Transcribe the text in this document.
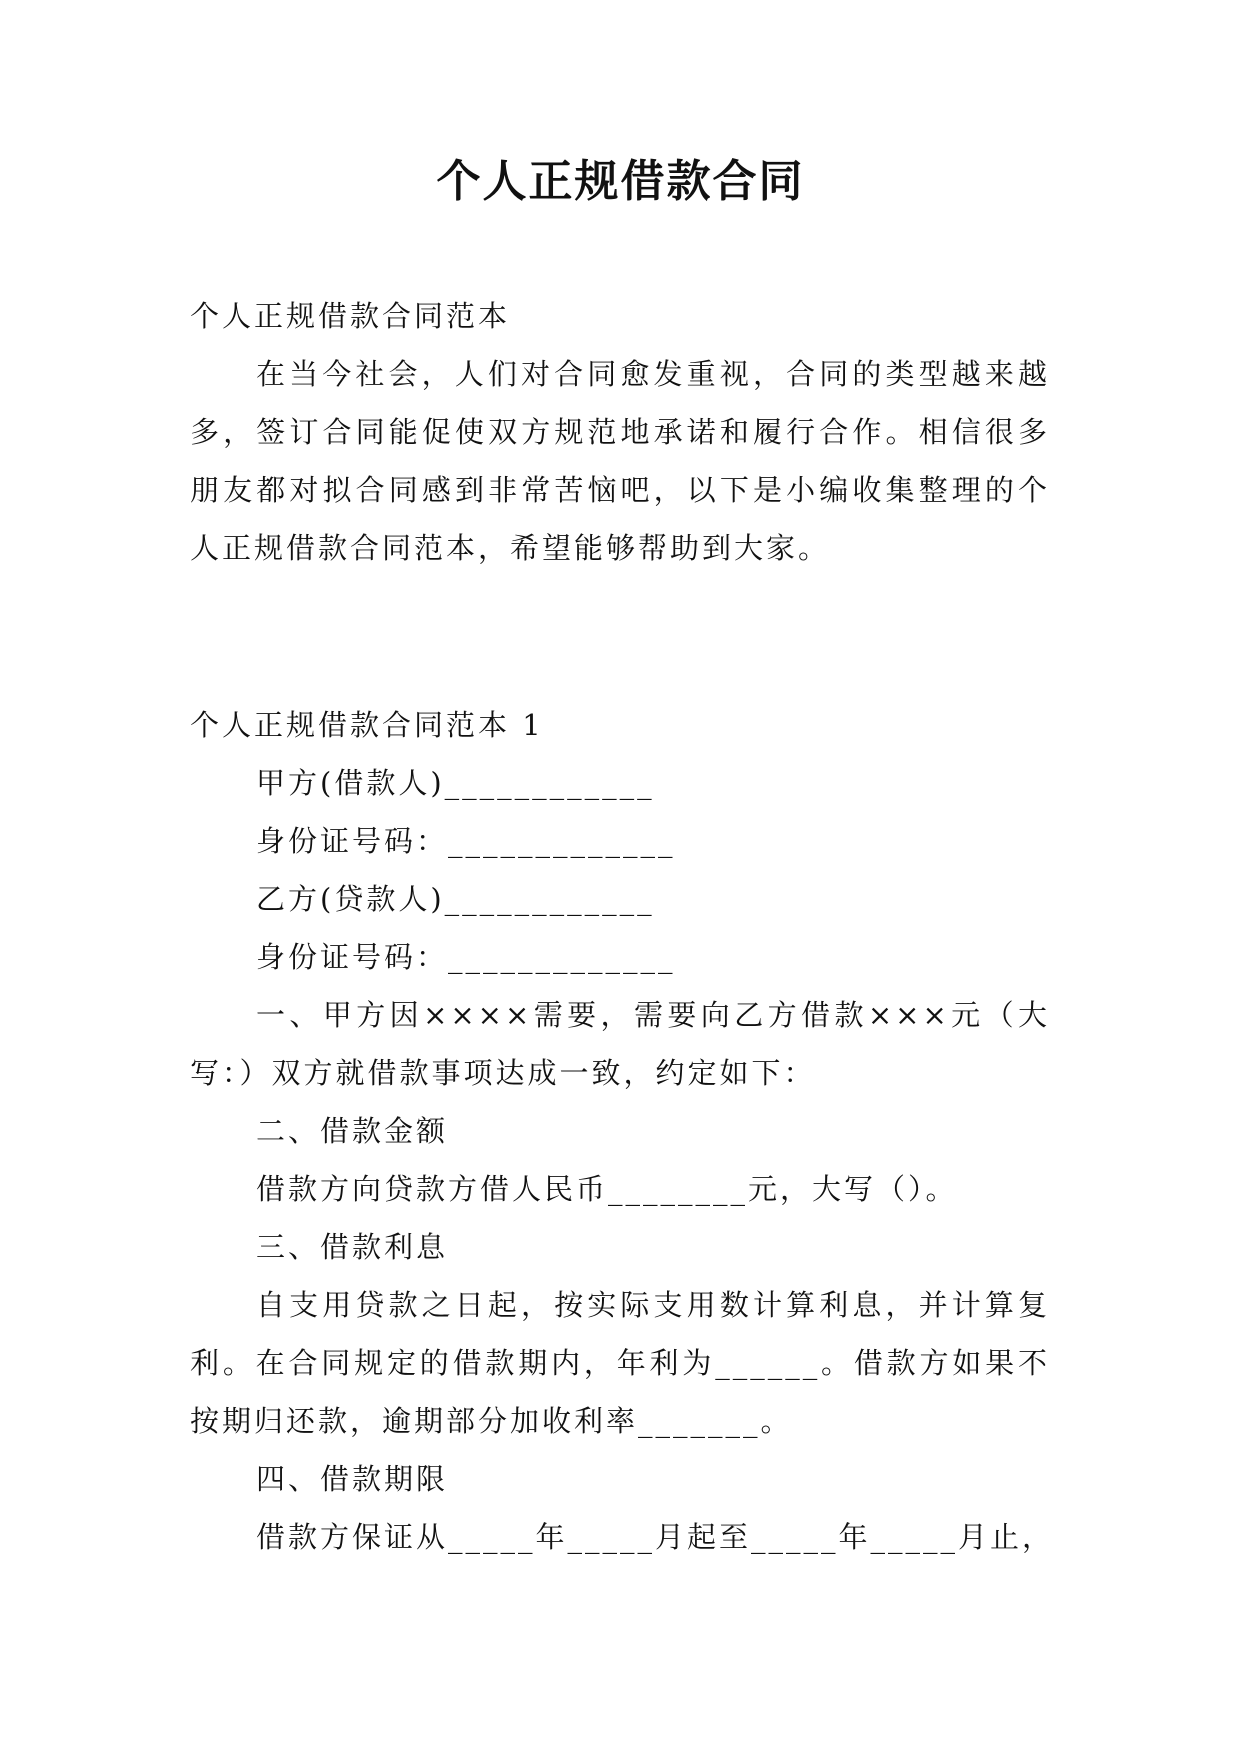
个人正规借款合同

个人正规借款合同范本

在当今社会，人们对合同愈发重视，合同的类型越来越多，签订合同能促使双方规范地承诺和履行合作。相信很多朋友都对拟合同感到非常苦恼吧，以下是小编收集整理的个人正规借款合同范本，希望能够帮助到大家。

个人正规借款合同范本 1

甲方(借款人)____________

身份证号码：_____________

乙方(贷款人)____________

身份证号码：_____________

一、甲方因××××需要，需要向乙方借款×××元（大写：）双方就借款事项达成一致，约定如下：

二、借款金额

借款方向贷款方借人民币________元，大写（）。

三、借款利息

自支用贷款之日起，按实际支用数计算利息，并计算复利。在合同规定的借款期内，年利为______。借款方如果不按期归还款，逾期部分加收利率_______。

四、借款期限

借款方保证从_____年_____月起至_____年_____月止，
